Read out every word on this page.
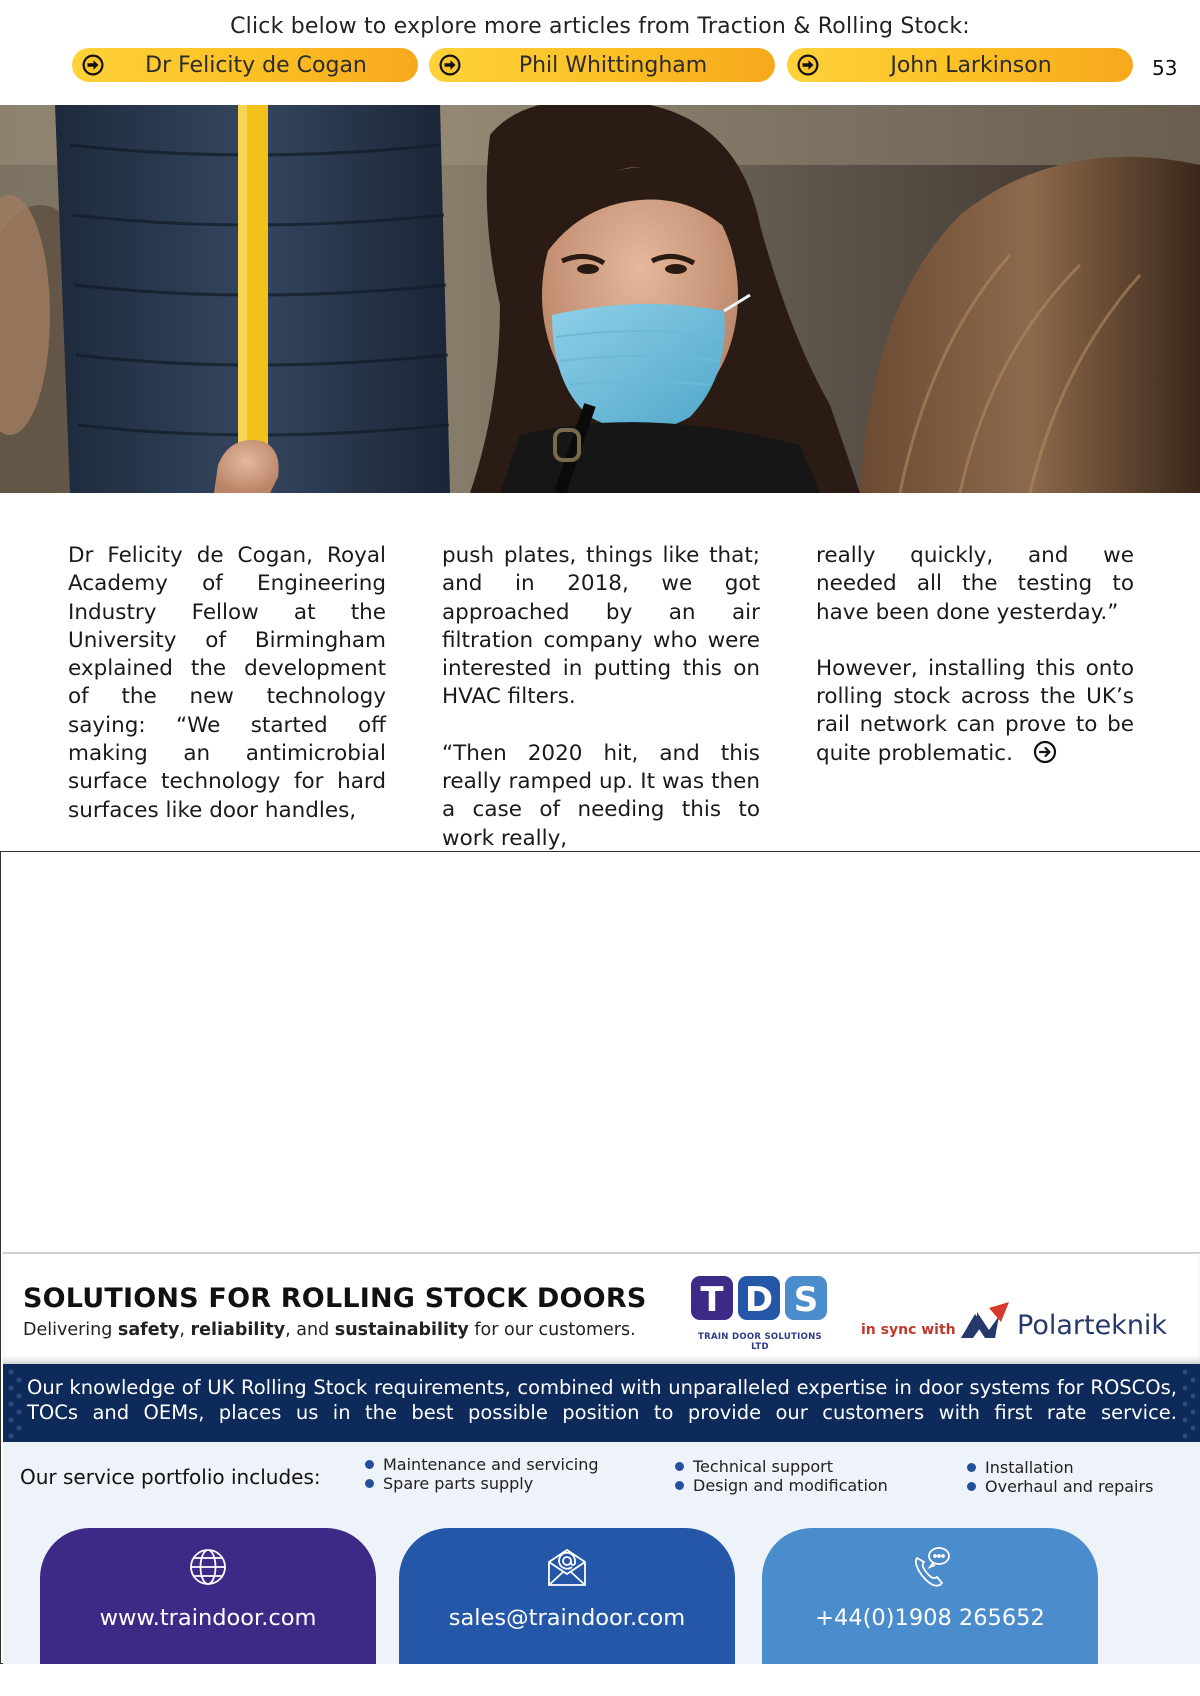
Click below to explore more articles from Traction & Rolling Stock:
Dr Felicity de Cogan	Phil Whittingham	John Larkinson	53

Dr Felicity de Cogan, Royal Academy of Engineering Industry Fellow at the University of Birmingham explained the development of the new technology saying: “We started off making an antimicrobial surface technology for hard surfaces like door handles,

push plates, things like that; and in 2018, we got approached by an air filtration company who were interested in putting this on HVAC filters.

“Then 2020 hit, and this really ramped up. It was then a case of needing this to work really,

really quickly, and we needed all the testing to have been done yesterday.”

However, installing this onto rolling stock across the UK’s rail network can prove to be quite problematic.

SOLUTIONS FOR ROLLING STOCK DOORS
Delivering safety, reliability, and sustainability for our customers.
T D S
TRAIN DOOR SOLUTIONS LTD
in sync with Polarteknik
Our knowledge of UK Rolling Stock requirements, combined with unparalleled expertise in door systems for ROSCOs, TOCs and OEMs, places us in the best possible position to provide our customers with first rate service.
Our service portfolio includes:
Maintenance and servicing
Spare parts supply
Technical support
Design and modification
Installation
Overhaul and repairs
www.traindoor.com	sales@traindoor.com	+44(0)1908 265652
